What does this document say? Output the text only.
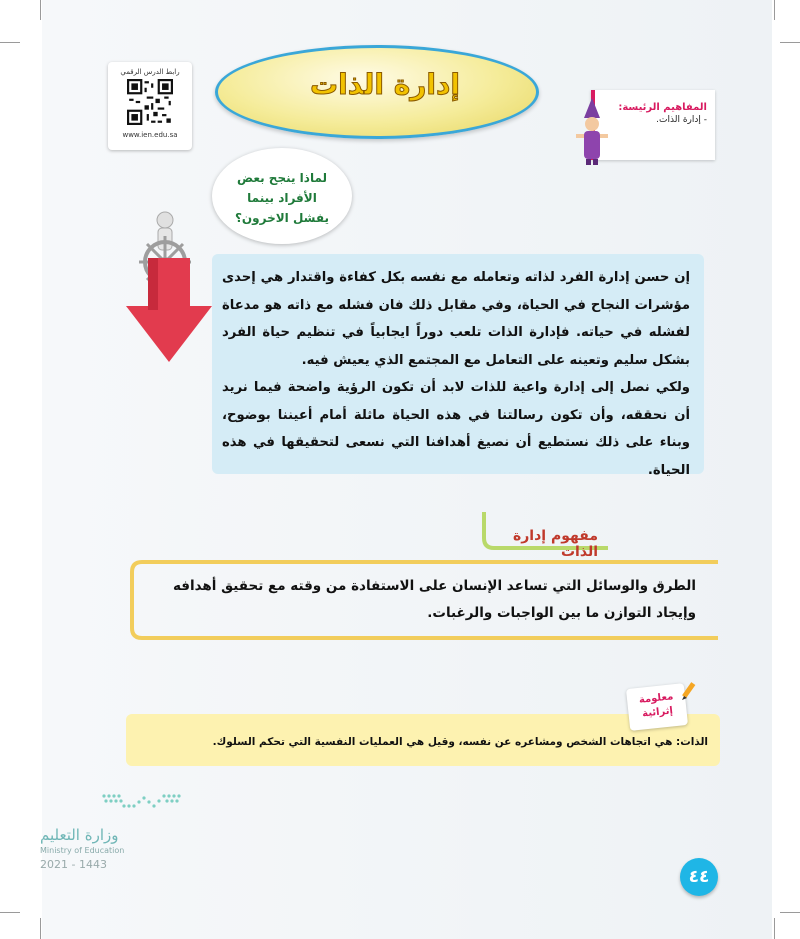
رابط الدرس الرقمي
www.ien.edu.sa
إدارة الذات
المفاهيم الرئيسة:
- إدارة الذات.
لماذا ينجح بعض الأفراد بينما يفشل الاخرون؟

إن حسن إدارة الفرد لذاته وتعامله مع نفسه بكل كفاءة واقتدار هي إحدى مؤشرات النجاح في الحياة، وفي مقابل ذلك فان فشله مع ذاته هو مدعاة لفشله في حياته. فإدارة الذات تلعب دوراً ايجابياً في تنظيم حياة الفرد بشكل سليم وتعينه على التعامل مع المجتمع الذي يعيش فيه.

ولكي نصل إلى إدارة واعية للذات لابد أن تكون الرؤية واضحة فيما نريد أن نحققه، وأن تكون رسالتنا في هذه الحياة ماثلة أمام أعيننا بوضوح، وبناء على ذلك نستطيع أن نصيغ أهدافنا التي نسعى لتحقيقها في هذه الحياة.

مفهوم إدارة الذات
الطرق والوسائل التي تساعد الإنسان على الاستفادة من وقته مع تحقيق أهدافه وإيجاد التوازن ما بين الواجبات والرغبات.
الذات: هي اتجاهات الشخص ومشاعره عن نفسه، وقيل هي العمليات النفسية التي تحكم السلوك.
معلومة
إثرائية
وزارة التعليم
Ministry of Education
2021 - 1443
٤٤
